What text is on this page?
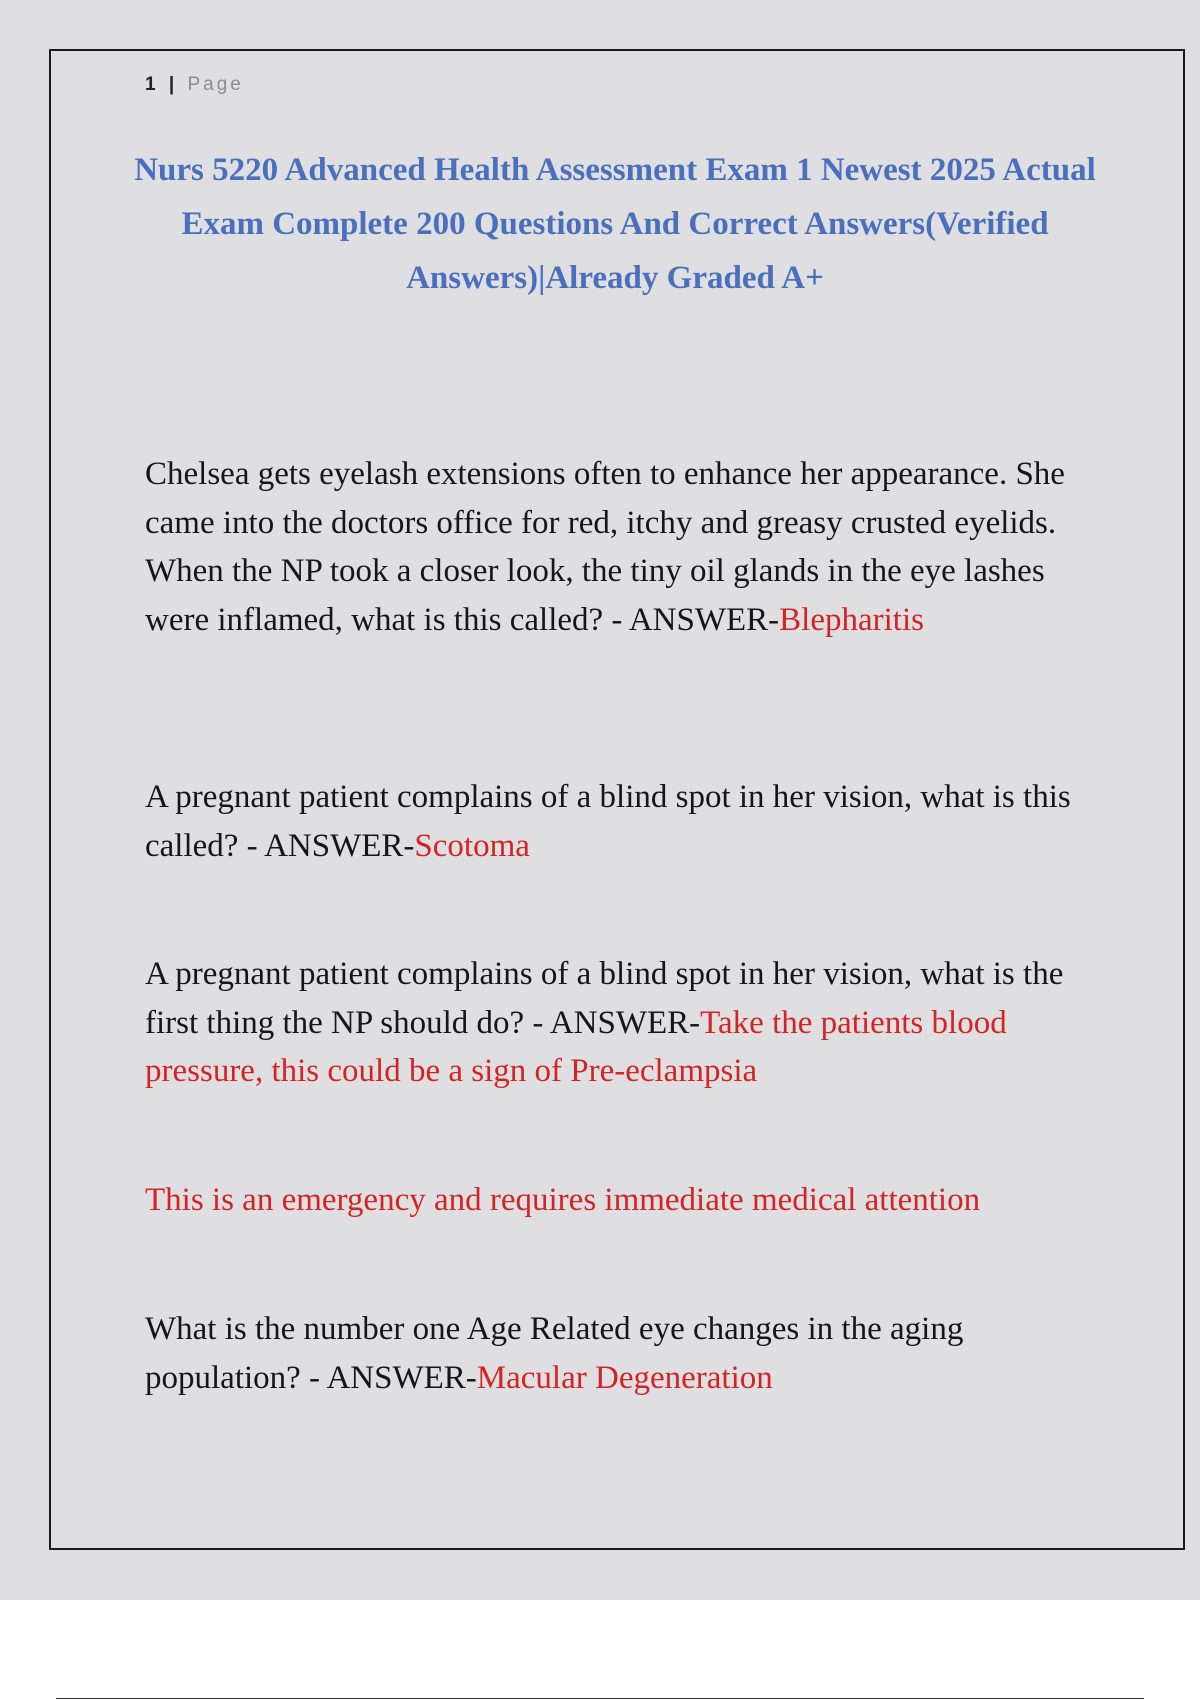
1 | Page
Nurs 5220 Advanced Health Assessment Exam 1 Newest 2025 Actual Exam Complete 200 Questions And Correct Answers(Verified Answers)|Already Graded A+

Chelsea gets eyelash extensions often to enhance her appearance. She came into the doctors office for red, itchy and greasy crusted eyelids. When the NP took a closer look, the tiny oil glands in the eye lashes were inflamed, what is this called? - ANSWER-Blepharitis

A pregnant patient complains of a blind spot in her vision, what is this called? - ANSWER-Scotoma

A pregnant patient complains of a blind spot in her vision, what is the first thing the NP should do? - ANSWER-Take the patients blood pressure, this could be a sign of Pre-eclampsia

This is an emergency and requires immediate medical attention

What is the number one Age Related eye changes in the aging population? - ANSWER-Macular Degeneration
